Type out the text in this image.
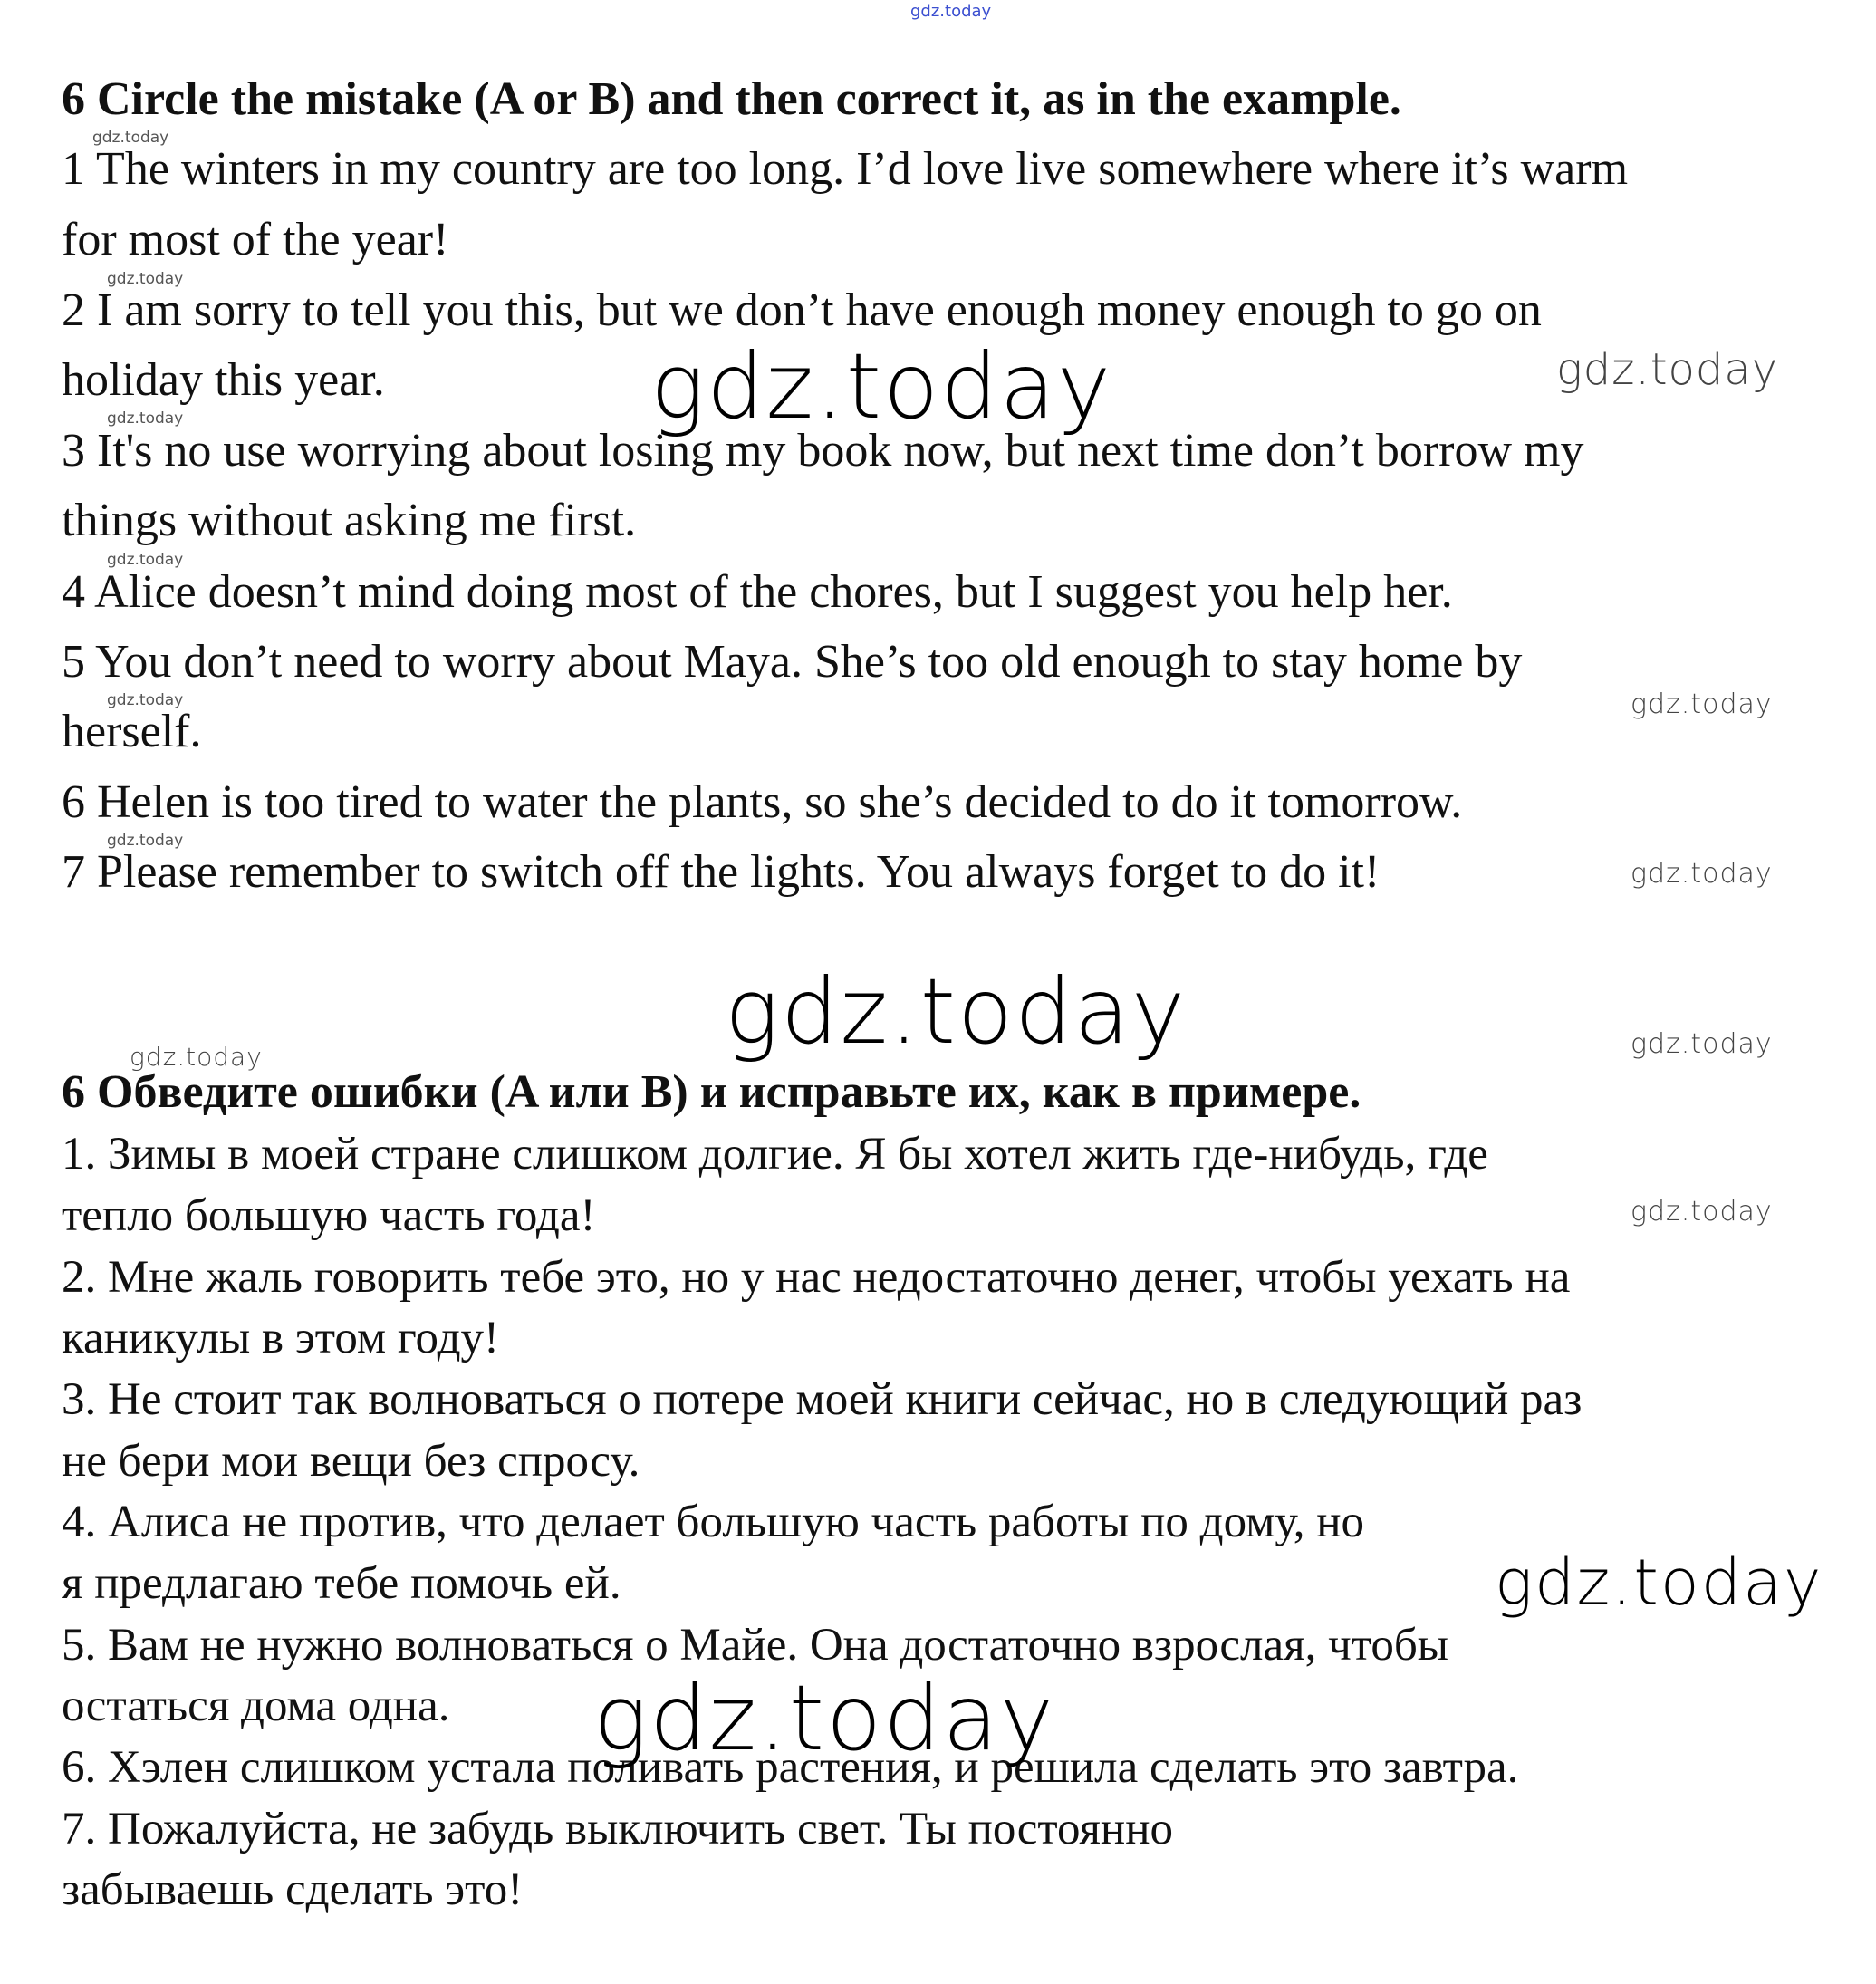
gdz.today
6 Circle the mistake (A or B) and then correct it, as in the example.
1 The winters in my country are too long. I’d love live somewhere where it’s warm
for most of the year!
2 I am sorry to tell you this, but we don’t have enough money enough to go on
holiday this year.
3 It's no use worrying about losing my book now, but next time don’t borrow my
things without asking me first.
4 Alice doesn’t mind doing most of the chores, but I suggest you help her.
5 You don’t need to worry about Maya. She’s too old enough to stay home by
herself.
6 Helen is too tired to water the plants, so she’s decided to do it tomorrow.
7 Please remember to switch off the lights. You always forget to do it!
6 Обведите ошибки (A или B) и исправьте их, как в примере.
1. Зимы в моей стране слишком долгие. Я бы хотел жить где-нибудь, где
тепло большую часть года!
2. Мне жаль говорить тебе это, но у нас недостаточно денег, чтобы уехать на
каникулы в этом году!
3. Не стоит так волноваться о потере моей книги сейчас, но в следующий раз
не бери мои вещи без спросу.
4. Алиса не против, что делает большую часть работы по дому, но
я предлагаю тебе помочь ей.
5. Вам не нужно волноваться о Майе. Она достаточно взрослая, чтобы
остаться дома одна.
6. Хэлен слишком устала поливать растения, и решила сделать это завтра.
7. Пожалуйста, не забудь выключить свет. Ты постоянно
забываешь сделать это!
gdz.today
gdz.today
gdz.today
gdz.today
gdz.today
gdz.today
gdz.today
gdz.today
gdz.today
gdz.today
gdz.today
gdz.today
gdz.today
gdz.today
gdz.today
gdz.today
